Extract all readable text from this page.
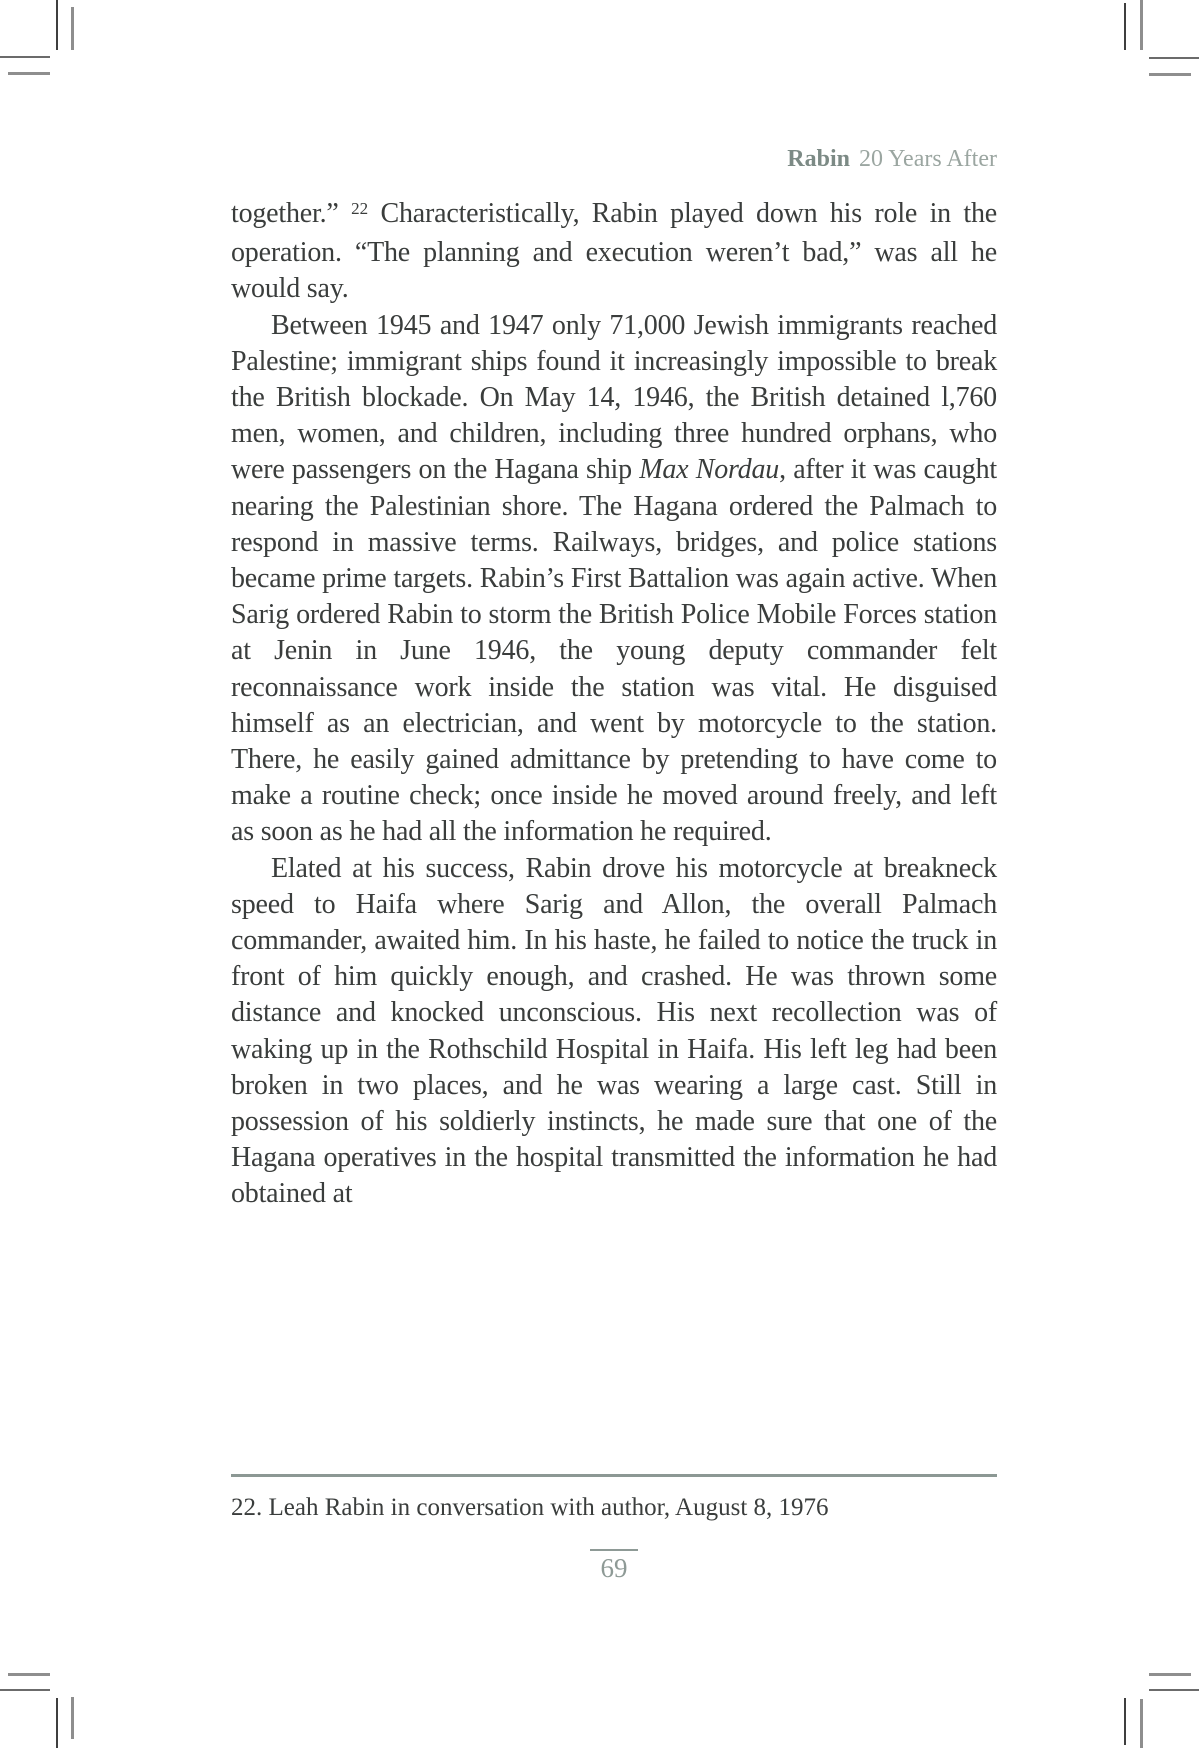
Rabin 20 Years After

together.” $^{22}$ Characteristically, Rabin played down his role in the operation. “The planning and execution weren’t bad,” was all he would say.

Between 1945 and 1947 only 71,000 Jewish immigrants reached Palestine; immigrant ships found it increasingly impossible to break the British blockade. On May 14, 1946, the British detained l,760 men, women, and children, including three hundred orphans, who were passengers on the Hagana ship Max Nordau, after it was caught nearing the Palestinian shore. The Hagana ordered the Palmach to respond in massive terms. Railways, bridges, and police stations became prime targets. Rabin’s First Battalion was again active. When Sarig ordered Rabin to storm the British Police Mobile Forces station at Jenin in June 1946, the young deputy commander felt reconnaissance work inside the station was vital. He disguised himself as an electrician, and went by motorcycle to the station. There, he easily gained admittance by pretending to have come to make a routine check; once inside he moved around freely, and left as soon as he had all the information he required.

Elated at his success, Rabin drove his motorcycle at breakneck speed to Haifa where Sarig and Allon, the overall Palmach commander, awaited him. In his haste, he failed to notice the truck in front of him quickly enough, and crashed. He was thrown some distance and knocked unconscious. His next recollection was of waking up in the Rothschild Hospital in Haifa. His left leg had been broken in two places, and he was wearing a large cast. Still in possession of his soldierly instincts, he made sure that one of the Hagana operatives in the hospital transmitted the information he had obtained at

22. Leah Rabin in conversation with author, August 8, 1976
69
